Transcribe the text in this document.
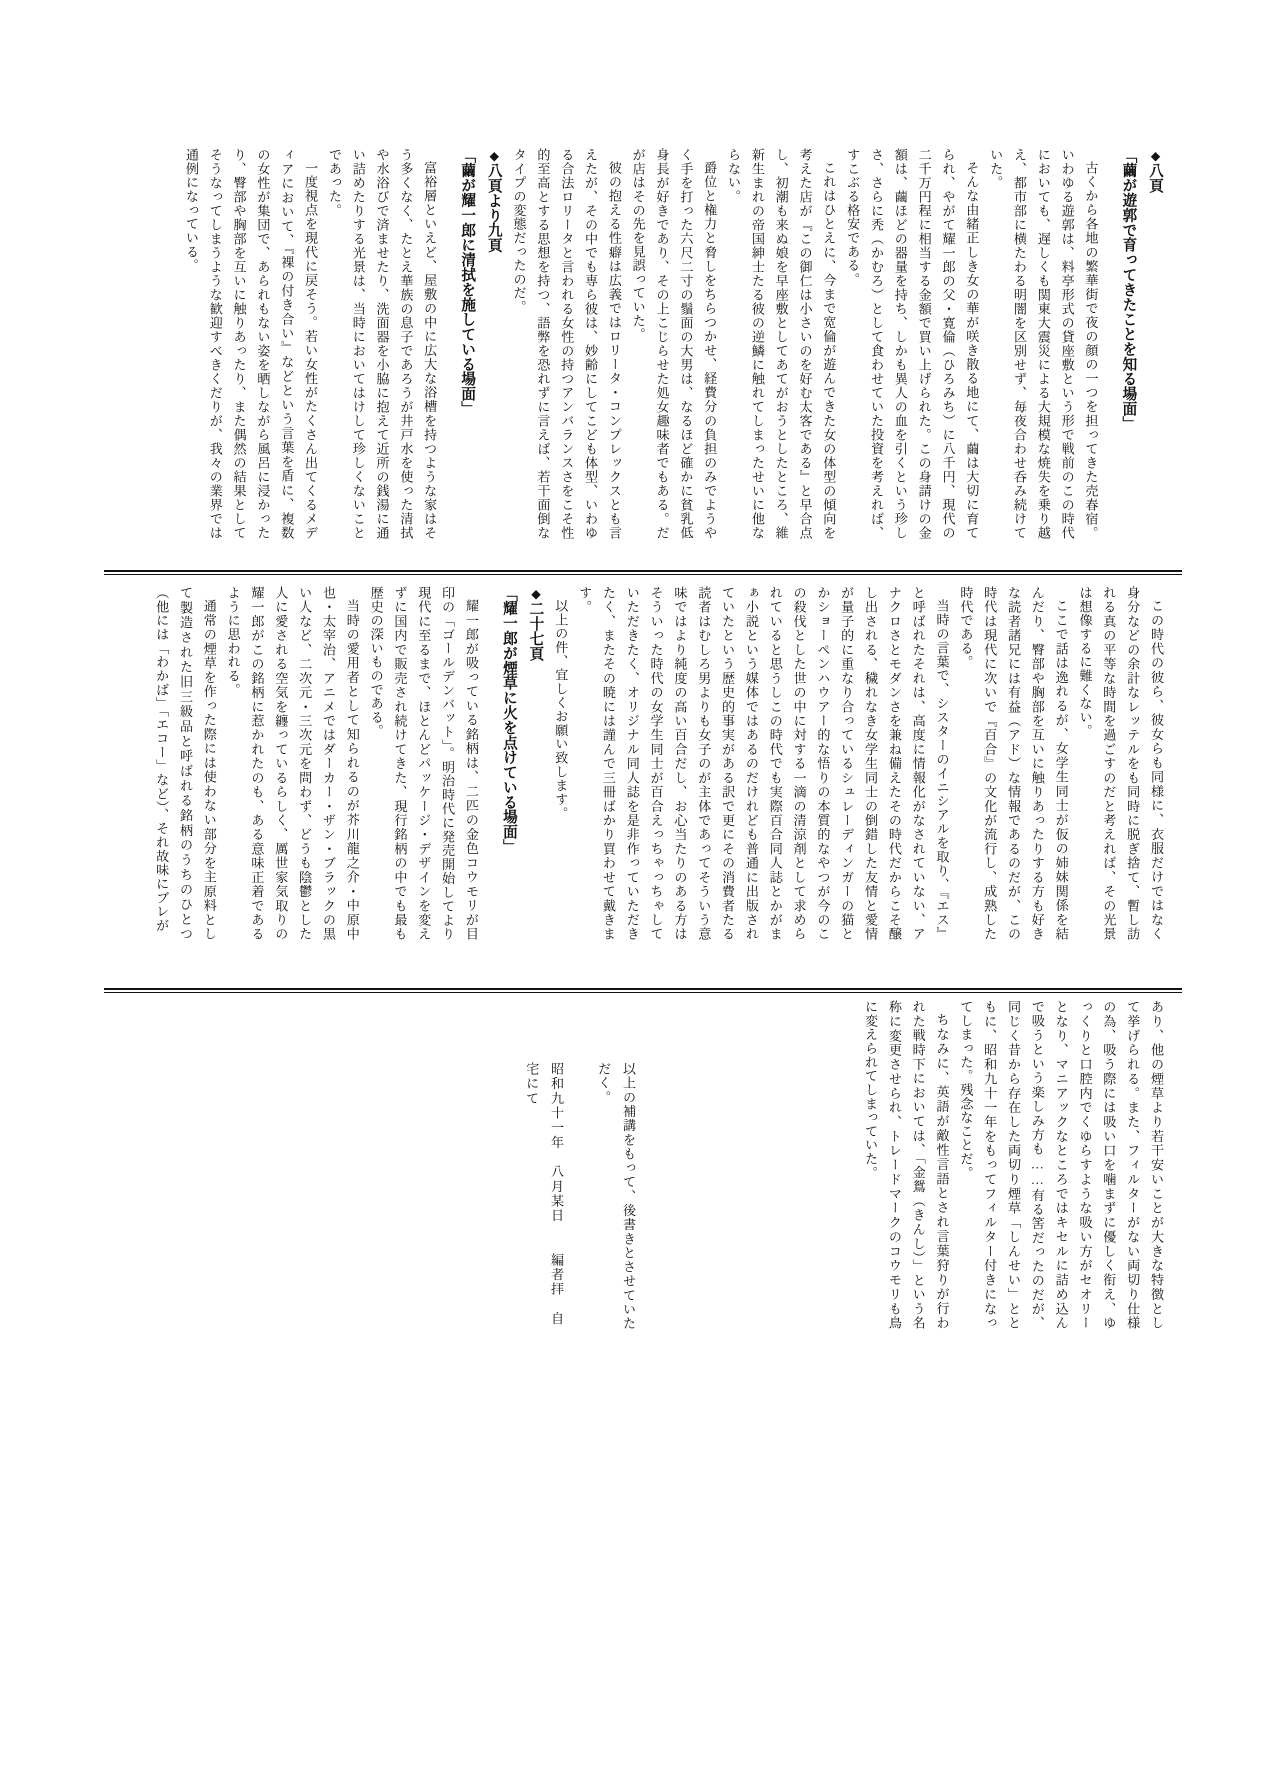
◆八頁
「繭が遊郭で育ってきたことを知る場面」

古くから各地の繁華街で夜の顔の一つを担ってきた売春宿。いわゆる遊郭は、料亭形式の貸座敷という形で戦前のこの時代においても、遅しくも関東大震災による大規模な焼失を乗り越え、都市部に横たわる明闇を区別せず、毎夜合わせ呑み続けていた。

そんな由緒正しき女の華が咲き散る地にて、繭は大切に育てられ、やがて耀一郎の父・寛倫（ひろみち）に八千円、現代の二千万円程に相当する金額で買い上げられた。この身請けの金額は、繭ほどの器量を持ち、しかも異人の血を引くという珍しさ、さらに秃（かむろ）として食わせていた投資を考えれば、すこぶる格安である。

これはひとえに、今まで宽倫が遊んできた女の体型の傾向を考えた店が『この御仁は小さいのを好む太客である』と早合点し、初潮も来ぬ娘を早座敷としてあてがおうとしたところ、維新生まれの帝国紳士たる彼の逆鱗に触れてしまったせいに他ならない。

爵位と権力と脅しをちらつかせ、経費分の負担のみでようやく手を打った六尺二寸の鬚面の大男は、なるほど確かに貧乳低身長が好きであり、その上こじらせた処女趣味者でもある。だが店はその先を見誤っていた。

彼の抱える性癖は広義ではロリータ・コンプレックスとも言えたが、その中でも専ら彼は、妙齢にしてこども体型、いわゆる合法ロリータと言われる女性の持つアンバランスさをこそ性的至高とする思想を持つ、語弊を恐れずに言えば、若干面倒なタイプの変態だったのだ。

◆八頁より九頁
「繭が耀一郎に清拭を施している場面」

富裕層といえど、屋敷の中に広大な浴槽を持つような家はそう多くなく、たとえ華族の息子であろうが井戸水を使った清拭や水浴びで済ませたり、洗面器を小脇に抱えて近所の銭湯に通い詰めたりする光景は、当時においてはけして珍しくないことであった。

一度視点を現代に戻そう。若い女性がたくさん出てくるメディアにおいて、『裸の付き合い』などという言葉を盾に、複数の女性が集団で、あられもない姿を晒しながら風呂に浸かったり、臀部や胸部を互いに触りあったり、また偶然の結果としてそうなってしまうような歓迎すべきくだりが、我々の業界では通例になっている。

この時代の彼ら、彼女らも同様に、衣服だけではなく身分などの余計なレッテルをも同時に脱ぎ捨て、暫し訪れる真の平等な時間を過ごすのだと考えれば、その光景は想像するに難くない。

ここで話は逸れるが、女学生同士が仮の姉妹関係を結んだり、臀部や胸部を互いに触りあったりする方も好きな読者諸兄には有益（アド）な情報であるのだが、この時代は現代に次いで『百合』の文化が流行し、成熟した時代である。

当時の言葉で、シスターのイニシアルを取り、『エス』と呼ばれたそれは、高度に情報化がなされていない、アナクロさとモダンさを兼ね備えたその時代だからこそ醸し出される、穢れなき女学生同士の倒錯した友情と愛情が量子的に重なり合っているシュレーディンガーの猫とかショーペンハウアー的な悟りの本質的なやつが今のこの殺伐とした世の中に対する一滴の清涼剤として求められていると思うしこの時代でも実際百合同人誌とかがまぁ小説という媒体ではあるのだけれども普通に出版されていたという歴史的事実がある訳で更にその消費者たる読者はむしろ男よりも女子のが主体であってそういう意味ではより純度の高い百合だし、お心当たりのある方はそういった時代の女学生同士が百合えっちゃっちゃしていただきたく、オリジナル同人誌を是非作っていただきたく、またその暁には謹んで三冊ばかり買わせて戴きます。

以上の件、宜しくお願い致します。

◆二十七頁
「耀一郎が煙草に火を点けている場面」

耀一郎が吸っている銘柄は、二匹の金色コウモリが目印の「ゴールデンバット」。明治時代に発売開始してより現代に至るまで、ほとんどパッケージ・デザインを変えずに国内で販売され続けてきた、現行銘柄の中でも最も歴史の深いものである。

当時の愛用者として知られるのが芥川龍之介・中原中也・太宰治、アニメではダーカー・ザン・ブラックの黒い人など、二次元・三次元を問わず、どうも陰鬱とした人に愛される空気を纏っているらしく、厲世家気取りの耀一郎がこの銘柄に惹かれたのも、ある意味正着であるように思われる。

通常の煙草を作った際には使わない部分を主原料として製造された旧三級品と呼ばれる銘柄のうちのひとつ（他には「わかば」「エコー」など）、それ故味にブレが

あり、他の煙草より若干安いことが大きな特徴として挙げられる。また、フィルターがない両切り仕様の為、吸う際には吸い口を噛まずに優しく衔え、ゆっくりと口腔内でくゆらすような吸い方がセオリーとなり、マニアックなところではキセルに詰め込んで吸うという楽しみ方も……有る筈だったのだが、同じく昔から存在した両切り煙草「しんせい」とともに、昭和九十一年をもってフィルター付きになってしまった。残念なことだ。

ちなみに、英語が敵性言語とされ言葉狩りが行われた戦時下においては、「金鴛（きんし）」という名称に変更させられ、トレードマークのコウモリも鳥に変えられてしまっていた。

以上の補講をもって、後書きとさせていただく。
昭和九十一年　八月某日　　編者拝　自宅にて
